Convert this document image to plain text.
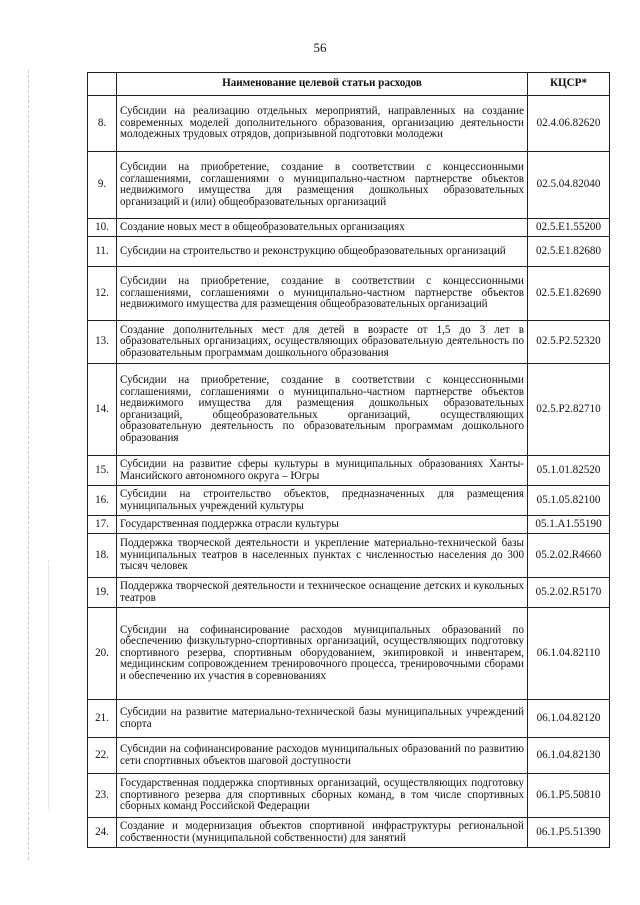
56
	Наименование целевой статьи расходов	КЦСР*
8.	Субсидии на реализацию отдельных мероприятий, направленных на создание современных моделей дополнительного образования, организацию деятельности молодежных трудовых отрядов, допризывной подготовки молодежи	02.4.06.82620
9.	Субсидии на приобретение, создание в соответствии с концессионными соглашениями, соглашениями о муниципально-частном партнерстве объектов недвижимого имущества для размещения дошкольных образовательных организаций и (или) общеобразовательных организаций	02.5.04.82040
10.	Создание новых мест в общеобразовательных организациях	02.5.E1.55200
11.	Субсидии на строительство и реконструкцию общеобразовательных организаций	02.5.E1.82680
12.	Субсидии на приобретение, создание в соответствии с концессионными соглашениями, соглашениями о муниципально-частном партнерстве объектов недвижимого имущества для размещения общеобразовательных организаций	02.5.E1.82690
13.	Создание дополнительных мест для детей в возрасте от 1,5 до 3 лет в образовательных организациях, осуществляющих образовательную деятельность по образовательным программам дошкольного образования	02.5.P2.52320
14.	Субсидии на приобретение, создание в соответствии с концессионными соглашениями, соглашениями о муниципально-частном партнерстве объектов недвижимого имущества для размещения дошкольных образовательных организаций, общеобразовательных организаций, осуществляющих образовательную деятельность по образовательным программам дошкольного образования	02.5.P2.82710
15.	Субсидии на развитие сферы культуры в муниципальных образованиях Ханты-Мансийского автономного округа – Югры	05.1.01.82520
16.	Субсидии на строительство объектов, предназначенных для размещения муниципальных учреждений культуры	05.1.05.82100
17.	Государственная поддержка отрасли культуры	05.1.A1.55190
18.	Поддержка творческой деятельности и укрепление материально-технической базы муниципальных театров в населенных пунктах с численностью населения до 300 тысяч человек	05.2.02.R4660
19.	Поддержка творческой деятельности и техническое оснащение детских и кукольных театров	05.2.02.R5170
20.	Субсидии на софинансирование расходов муниципальных образований по обеспечению физкультурно-спортивных организаций, осуществляющих подготовку спортивного резерва, спортивным оборудованием, экипировкой и инвентарем, медицинским сопровождением тренировочного процесса, тренировочными сборами и обеспечению их участия в соревнованиях	06.1.04.82110
21.	Субсидии на развитие материально-технической базы муниципальных учреждений спорта	06.1.04.82120
22.	Субсидии на софинансирование расходов муниципальных образований по развитию сети спортивных объектов шаговой доступности	06.1.04.82130
23.	Государственная поддержка спортивных организаций, осуществляющих подготовку спортивного резерва для спортивных сборных команд, в том числе спортивных сборных команд Российской Федерации	06.1.P5.50810
24.	Создание и модернизация объектов спортивной инфраструктуры региональной собственности (муниципальной собственности) для занятий	06.1.P5.51390
